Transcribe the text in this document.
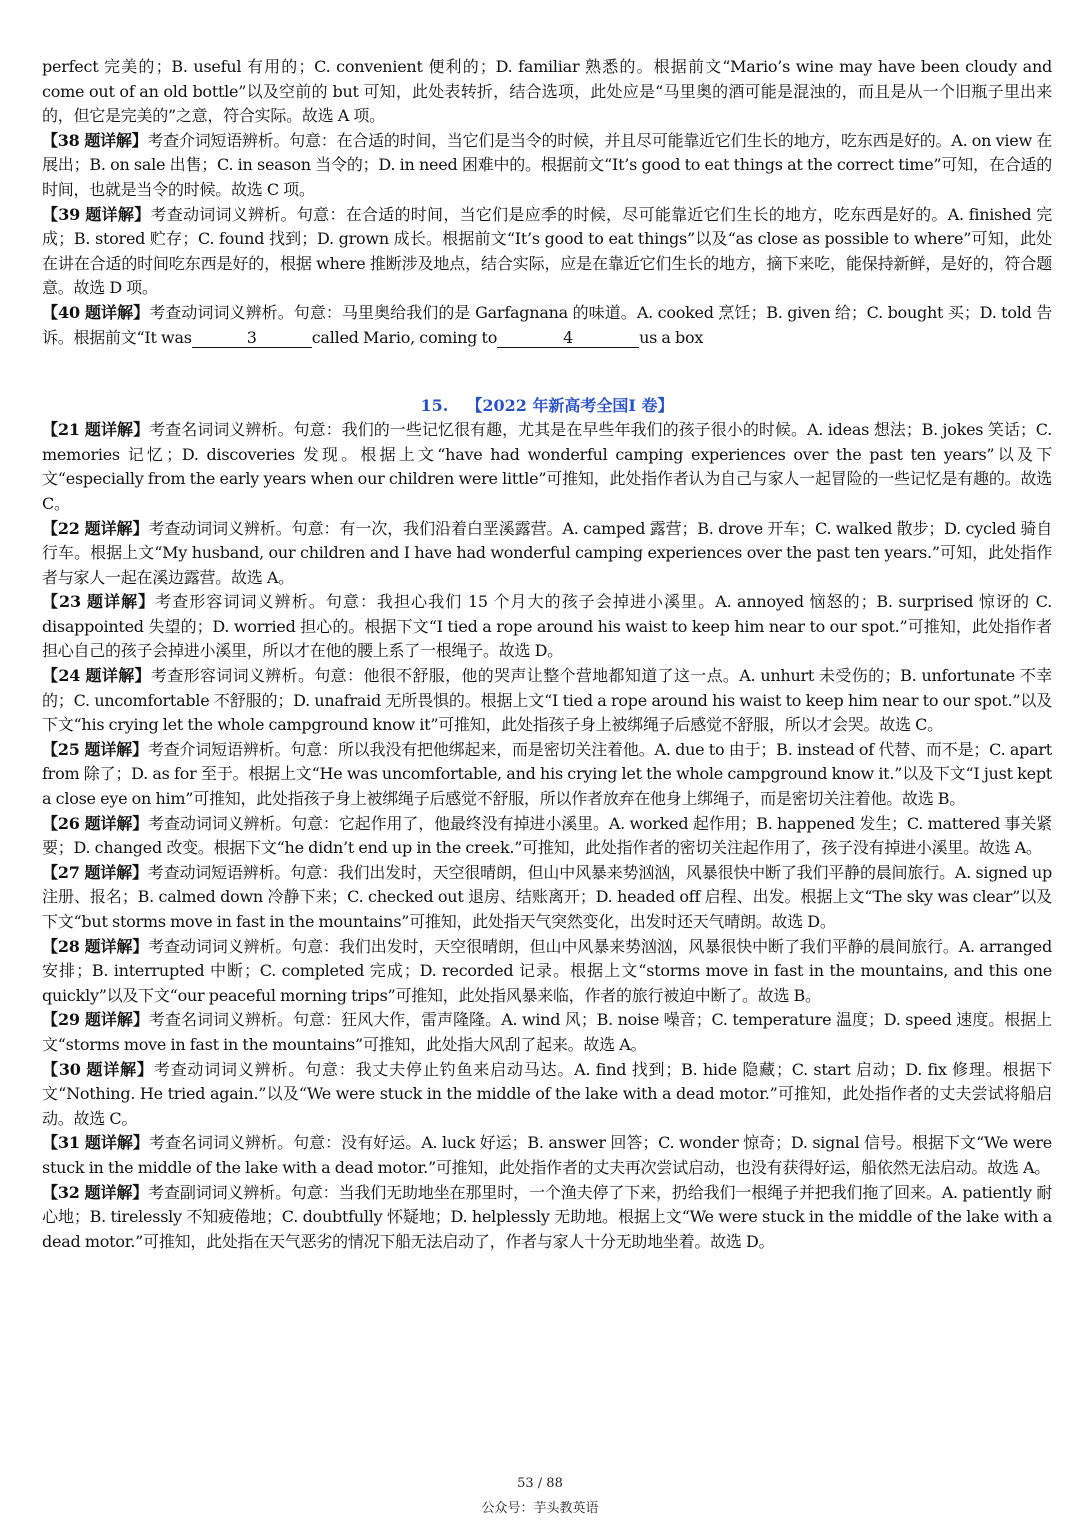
perfect 完美的；B. useful 有用的；C. convenient 便利的；D. familiar 熟悉的。根据前文“Mario’s wine may have been cloudy and come out of an old bottle”以及空前的 but 可知，此处表转折，结合选项，此处应是“马里奥的酒可能是混浊的，而且是从一个旧瓶子里出来的，但它是完美的”之意，符合实际。故选 A 项。

【38 题详解】考查介词短语辨析。句意：在合适的时间，当它们是当令的时候，并且尽可能靠近它们生长的地方，吃东西是好的。A. on view 在展出；B. on sale 出售；C. in season 当令的；D. in need 困难中的。根据前文“It’s good to eat things at the correct time”可知，在合适的时间，也就是当令的时候。故选 C 项。

【39 题详解】考查动词词义辨析。句意：在合适的时间，当它们是应季的时候，尽可能靠近它们生长的地方，吃东西是好的。A. finished 完成；B. stored 贮存；C. found 找到；D. grown 成长。根据前文“It’s good to eat things”以及“as close as possible to where”可知，此处在讲在合适的时间吃东西是好的，根据 where 推断涉及地点，结合实际，应是在靠近它们生长的地方，摘下来吃，能保持新鲜，是好的，符合题意。故选 D 项。

【40 题详解】考查动词词义辨析。句意：马里奥给我们的是 Garfagnana 的味道。A. cooked 烹饪；B. given 给；C. bought 买；D. told 告诉。根据前文“It was	3	called Mario, coming to	4	us a box

15. 【2022 年新高考全国I 卷】

【21 题详解】考查名词词义辨析。句意：我们的一些记忆很有趣，尤其是在早些年我们的孩子很小的时候。A. ideas 想法；B. jokes 笑话；C. memories 记忆；D. discoveries 发现。根据上文“have had wonderful camping experiences over the past ten years”以及下文“especially from the early years when our children were little”可推知，此处指作者认为自己与家人一起冒险的一些记忆是有趣的。故选 C。

【22 题详解】考查动词词义辨析。句意：有一次，我们沿着白垩溪露营。A. camped 露营；B. drove 开车；C. walked 散步；D. cycled 骑自行车。根据上文“My husband, our children and I have had wonderful camping experiences over the past ten years.”可知，此处指作者与家人一起在溪边露营。故选 A。

【23 题详解】考查形容词词义辨析。句意：我担心我们 15 个月大的孩子会掉进小溪里。A. annoyed 恼怒的；B. surprised 惊讶的 C. disappointed 失望的；D. worried 担心的。根据下文“I tied a rope around his waist to keep him near to our spot.”可推知，此处指作者担心自己的孩子会掉进小溪里，所以才在他的腰上系了一根绳子。故选 D。

【24 题详解】考查形容词词义辨析。句意：他很不舒服，他的哭声让整个营地都知道了这一点。A. unhurt 未受伤的；B. unfortunate 不幸的；C. uncomfortable 不舒服的；D. unafraid 无所畏惧的。根据上文“I tied a rope around his waist to keep him near to our spot.”以及下文“his crying let the whole campground know it”可推知，此处指孩子身上被绑绳子后感觉不舒服，所以才会哭。故选 C。

【25 题详解】考查介词短语辨析。句意：所以我没有把他绑起来，而是密切关注着他。A. due to 由于；B. instead of 代替、而不是；C. apart from 除了；D. as for 至于。根据上文“He was uncomfortable, and his crying let the whole campground know it.”以及下文“I just kept a close eye on him”可推知，此处指孩子身上被绑绳子后感觉不舒服，所以作者放弃在他身上绑绳子，而是密切关注着他。故选 B。

【26 题详解】考查动词词义辨析。句意：它起作用了，他最终没有掉进小溪里。A. worked 起作用；B. happened 发生；C. mattered 事关紧要；D. changed 改变。根据下文“he didn’t end up in the creek.”可推知，此处指作者的密切关注起作用了，孩子没有掉进小溪里。故选 A。

【27 题详解】考查动词短语辨析。句意：我们出发时，天空很晴朗，但山中风暴来势汹汹，风暴很快中断了我们平静的晨间旅行。A. signed up 注册、报名；B. calmed down 冷静下来；C. checked out 退房、结账离开；D. headed off 启程、出发。根据上文“The sky was clear”以及下文“but storms move in fast in the mountains”可推知，此处指天气突然变化，出发时还天气晴朗。故选 D。

【28 题详解】考查动词词义辨析。句意：我们出发时，天空很晴朗，但山中风暴来势汹汹，风暴很快中断了我们平静的晨间旅行。A. arranged 安排；B. interrupted 中断；C. completed 完成；D. recorded 记录。根据上文“storms move in fast in the mountains, and this one quickly”以及下文“our peaceful morning trips”可推知，此处指风暴来临，作者的旅行被迫中断了。故选 B。

【29 题详解】考查名词词义辨析。句意：狂风大作，雷声隆隆。A. wind 风；B. noise 噪音；C. temperature 温度；D. speed 速度。根据上文“storms move in fast in the mountains”可推知，此处指大风刮了起来。故选 A。

【30 题详解】考查动词词义辨析。句意：我丈夫停止钓鱼来启动马达。A. find 找到；B. hide 隐藏；C. start 启动；D. fix 修理。根据下文“Nothing. He tried again.”以及“We were stuck in the middle of the lake with a dead motor.”可推知，此处指作者的丈夫尝试将船启动。故选 C。

【31 题详解】考查名词词义辨析。句意：没有好运。A. luck 好运；B. answer 回答；C. wonder 惊奇；D. signal 信号。根据下文“We were stuck in the middle of the lake with a dead motor.”可推知，此处指作者的丈夫再次尝试启动，也没有获得好运，船依然无法启动。故选 A。

【32 题详解】考查副词词义辨析。句意：当我们无助地坐在那里时，一个渔夫停了下来，扔给我们一根绳子并把我们拖了回来。A. patiently 耐心地；B. tirelessly 不知疲倦地；C. doubtfully 怀疑地；D. helplessly 无助地。根据上文“We were stuck in the middle of the lake with a dead motor.”可推知，此处指在天气恶劣的情况下船无法启动了，作者与家人十分无助地坐着。故选 D。

53 / 88
公众号：芋头教英语
